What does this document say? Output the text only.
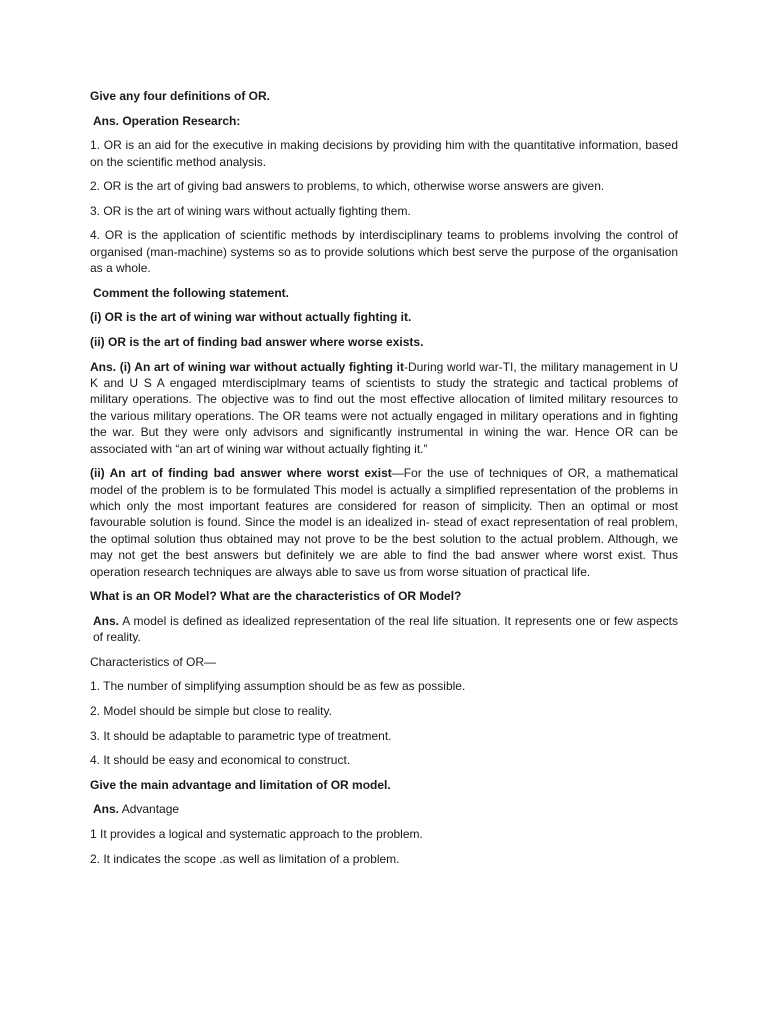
Give any four definitions of OR.

Ans. Operation Research:

1. OR is an aid for the executive in making decisions by providing him with the quantitative information, based on the scientific method analysis.

2. OR is the art of giving bad answers to problems, to which, otherwise worse answers are given.

3. OR is the art of wining wars without actually fighting them.

4. OR is the application of scientific methods by interdisciplinary teams to problems involving the control of organised (man-machine) systems so as to provide solutions which best serve the purpose of the organisation as a whole.

Comment the following statement.

(i) OR is the art of wining war without actually fighting it.

(ii) OR is the art of finding bad answer where worse exists.

Ans. (i) An art of wining war without actually fighting it-During world war-TI, the military management in U K and U S A engaged mterdisciplmary teams of scientists to study the strategic and tactical problems of military operations. The objective was to find out the most effective allocation of limited military resources to the various military operations. The OR teams were not actually engaged in military operations and in fighting the war. But they were only advisors and significantly instrumental in wining the war. Hence OR can be associated with “an art of wining war without actually fighting it.”

(ii) An art of finding bad answer where worst exist—For the use of techniques of OR, a mathematical model of the problem is to be formulated This model is actually a simplified representation of the problems in which only the most important features are considered for reason of simplicity. Then an optimal or most favourable solution is found. Since the model is an idealized in- stead of exact representation of real problem, the optimal solution thus obtained may not prove to be the best solution to the actual problem. Although, we may not get the best answers but definitely we are able to find the bad answer where worst exist. Thus operation research techniques are always able to save us from worse situation of practical life.

What is an OR Model? What are the characteristics of OR Model?

Ans. A model is defined as idealized representation of the real life situation. It represents one or few aspects of reality.

Characteristics of OR—

1. The number of simplifying assumption should be as few as possible.

2. Model should be simple but close to reality.

3. It should be adaptable to parametric type of treatment.

4. It should be easy and economical to construct.

Give the main advantage and limitation of OR model.

Ans. Advantage

1 It provides a logical and systematic approach to the problem.

2. It indicates the scope .as well as limitation of a problem.
